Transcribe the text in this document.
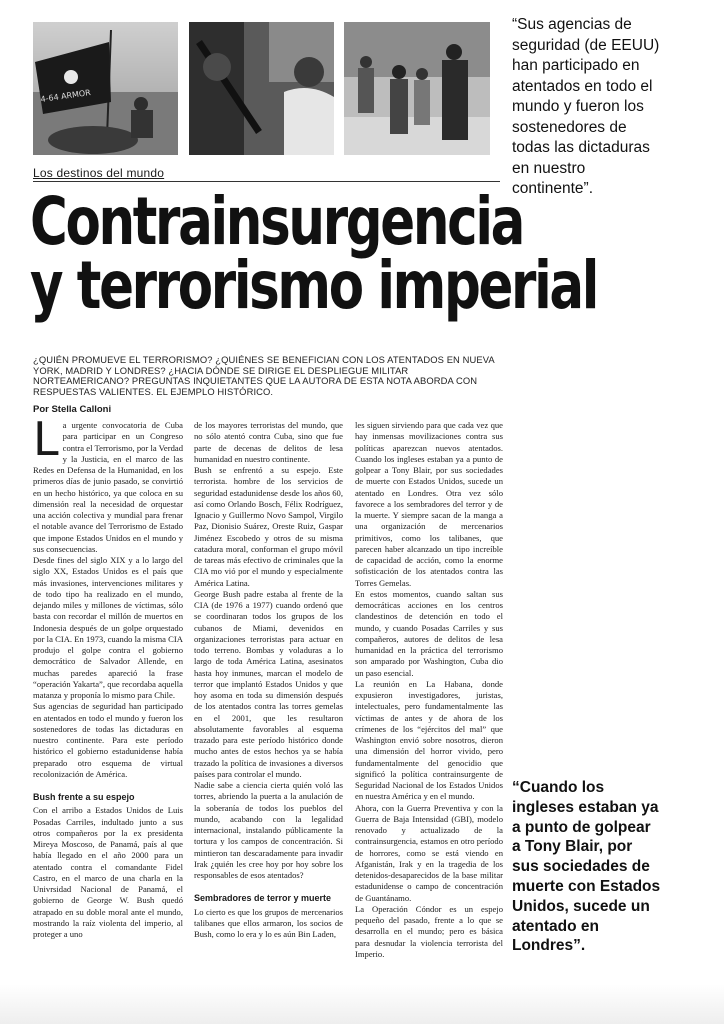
4-64 ARMOR
“Sus agencias de seguridad (de EEUU) han participado en atentados en todo el mundo y fueron los sostenedores de todas las dictaduras en nuestro continente”.
“Cuando los ingleses estaban ya a punto de golpear a Tony Blair, por sus sociedades de muerte con Estados Unidos, sucede un atentado en Londres”.
Los destinos del mundo
Contrainsurgencia
y terrorismo imperial
¿QUIÉN PROMUEVE EL TERRORISMO? ¿QUIÉNES SE BENEFICIAN CON LOS ATENTADOS EN NUEVA YORK, MADRID Y LONDRES? ¿HACIA DÓNDE SE DIRIGE EL DESPLIEGUE MILITAR NORTEAMERICANO? PREGUNTAS INQUIETANTES QUE LA AUTORA DE ESTA NOTA ABORDA CON RESPUESTAS VALIENTES. EL EJEMPLO HISTÓRICO.
Por Stella Calloni
L a urgente convocatoria de Cuba para participar en un Congreso contra el Terrorismo, por la Verdad y la Justicia, en el marco de las Redes en Defensa de la Humanidad, en los primeros días de junio pasado, se convirtió en un hecho histórico, ya que coloca en su dimensión real la necesidad de orquestar una acción colectiva y mundial para frenar el notable avance del Terrorismo de Estado que impone Estados Unidos en el mundo y sus consecuencias.

Desde fines del siglo XIX y a lo largo del siglo XX, Estados Unidos es el país que más invasiones, intervenciones militares y de todo tipo ha realizado en el mundo, dejando miles y millones de víctimas, sólo basta con recordar el millón de muertos en Indonesia después de un golpe orquestado por la CIA. En 1973, cuando la misma CIA produjo el golpe contra el gobierno democrático de Salvador Allende, en muchas paredes apareció la frase “operación Yakarta”, que recordaba aquella matanza y proponía lo mismo para Chile.

Sus agencias de seguridad han participado en atentados en todo el mundo y fueron los sostenedores de todas las dictaduras en nuestro continente. Para este período histórico el gobierno estadunidense había preparado otro esquema de virtual recolonización de América.

Bush frente a su espejo

Con el arribo a Estados Unidos de Luis Posadas Carriles, indultado junto a sus otros compañeros por la ex presidenta Mireya Moscoso, de Panamá, país al que había llegado en el año 2000 para un atentado contra el comandante Fidel Castro, en el marco de una charla en la Univrsidad Nacional de Panamá, el gobierno de George W. Bush quedó atrapado en su doble moral ante el mundo, mostrando la raíz violenta del imperio, al proteger a uno

de los mayores terroristas del mundo, que no sólo atentó contra Cuba, sino que fue parte de decenas de delitos de lesa humanidad en nuestro continente.

Bush se enfrentó a su espejo. Este terrorista. hombre de los servicios de seguridad estadunidense desde los años 60, así como Orlando Bosch, Félix Rodríguez, Ignacio y Guillermo Novo Sampol, Virgilo Paz, Dionisio Suárez, Oreste Ruiz, Gaspar Jiménez Escobedo y otros de su misma catadura moral, conforman el grupo móvil de tareas más efectivo de criminales que la CIA mo vió por el mundo y especialmente América Latina.

George Bush padre estaba al frente de la CIA (de 1976 a 1977) cuando ordenó que se coordinaran todos los grupos de los cubanos de Miami, devenidos en organizaciones terroristas para actuar en todo terreno. Bombas y voladuras a lo largo de toda América Latina, asesinatos hasta hoy inmunes, marcan el modelo de terror que implantó Estados Unidos y que hoy asoma en toda su dimensión después de los atentados contra las torres gemelas en el 2001, que les resultaron absolutamente favorables al esquema trazado para este período histórico donde mucho antes de estos hechos ya se había trazado la política de invasiones a diversos países para controlar el mundo.

Nadie sabe a ciencia cierta quién voló las torres, abriendo la puerta a la anulación de la soberanía de todos los pueblos del mundo, acabando con la legalidad internacional, instalando públicamente la tortura y los campos de concentración. Si mintieron tan descaradamente para invadir Irak ¿quién les cree hoy por hoy sobre los responsables de esos atentados?

Sembradores de terror y muerte

Lo cierto es que los grupos de mercenarios talibanes que ellos armaron, los socios de Bush, como lo era y lo es aún Bin Laden,

les siguen sirviendo para que cada vez que hay inmensas movilizaciones contra sus políticas aparezcan nuevos atentados. Cuando los ingleses estaban ya a punto de golpear a Tony Blair, por sus sociedades de muerte con Estados Unidos, sucede un atentado en Londres. Otra vez sólo favorece a los sembradores del terror y de la muerte. Y siempre sacan de la manga a una organización de mercenarios primitivos, como los talibanes, que parecen haber alcanzado un tipo increíble de capacidad de acción, como la enorme sofisticación de los atentados contra las Torres Gemelas.

En estos momentos, cuando saltan sus democráticas acciones en los centros clandestinos de detención en todo el mundo, y cuando Posadas Carriles y sus compañeros, autores de delitos de lesa humanidad en la práctica del terrorismo son amparado por Washington, Cuba dio un paso esencial.

La reunión en La Habana, donde expusieron investigadores, juristas, intelectuales, pero fundamentalmente las víctimas de antes y de ahora de los crímenes de los “ejércitos del mal” que Washington envió sobre nosotros, dieron una dimensión del horror vivido, pero fundamentalmente del genocidio que significó la política contrainsurgente de Seguridad Nacional de los Estados Unidos en nuestra América y en el mundo.

Ahora, con la Guerra Preventiva y con la Guerra de Baja Intensidad (GBI), modelo renovado y actualizado de la contrainsurgencia, estamos en otro período de horrores, como se está viendo en Afganistán, Irak y en la tragedia de los detenidos-desaparecidos de la base militar estadunidense o campo de concentración de Guantánamo.

La Operación Cóndor es un espejo pequeño del pasado, frente a lo que se desarrolla en el mundo; pero es básica para desnudar la violencia terrorista del Imperio.
